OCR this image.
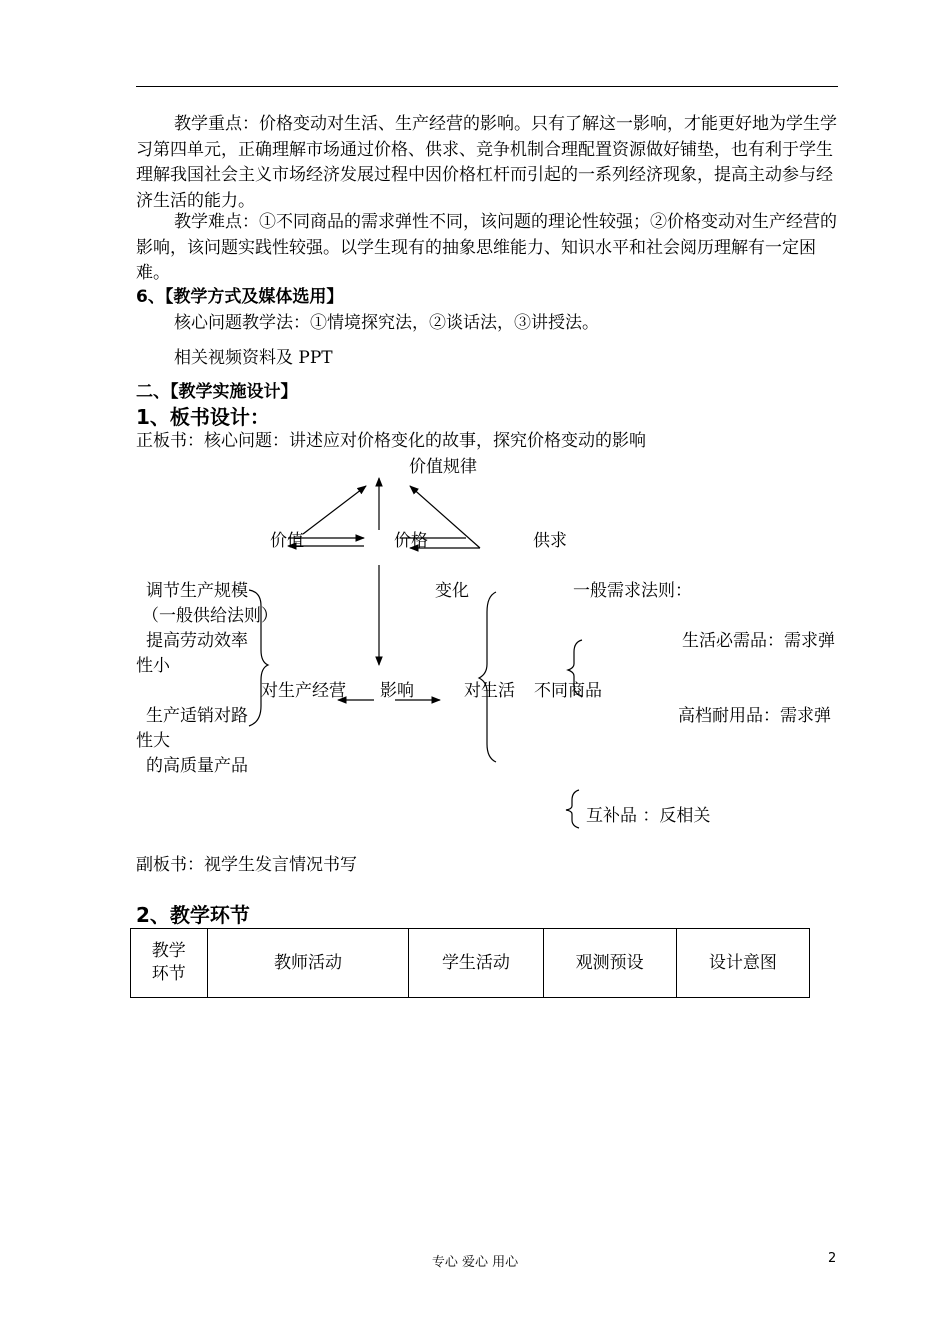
教学重点：价格变动对生活、生产经营的影响。只有了解这一影响，才能更好地为学生学习第四单元，正确理解市场通过价格、供求、竞争机制合理配置资源做好铺垫，也有利于学生理解我国社会主义市场经济发展过程中因价格杠杆而引起的一系列经济现象，提高主动参与经济生活的能力。
教学难点：①不同商品的需求弹性不同，该问题的理论性较强；②价格变动对生产经营的影响，该问题实践性较强。以学生现有的抽象思维能力、知识水平和社会阅历理解有一定困难。
6、【教学方式及媒体选用】
核心问题教学法：①情境探究法，②谈话法，③讲授法。
相关视频资料及 PPT
二、【教学实施设计】
1、板书设计：
正板书：核心问题：讲述应对价格变化的故事，探究价格变动的影响
价值规律
价值	价格	供求
变化	一般需求法则：
调节生产规模
（一般供给法则）
提高劳动效率
性小
生活必需品：需求弹
对生产经营 影响	对生活 不同商品
生产适销对路	高档耐用品：需求弹
性大
的高质量产品
互补品 ：反相关
副板书：视学生发言情况书写
2、教学环节
教学
环节
	教师活动	学生活动	观测预设	设计意图
专心 爱心 用心	2
